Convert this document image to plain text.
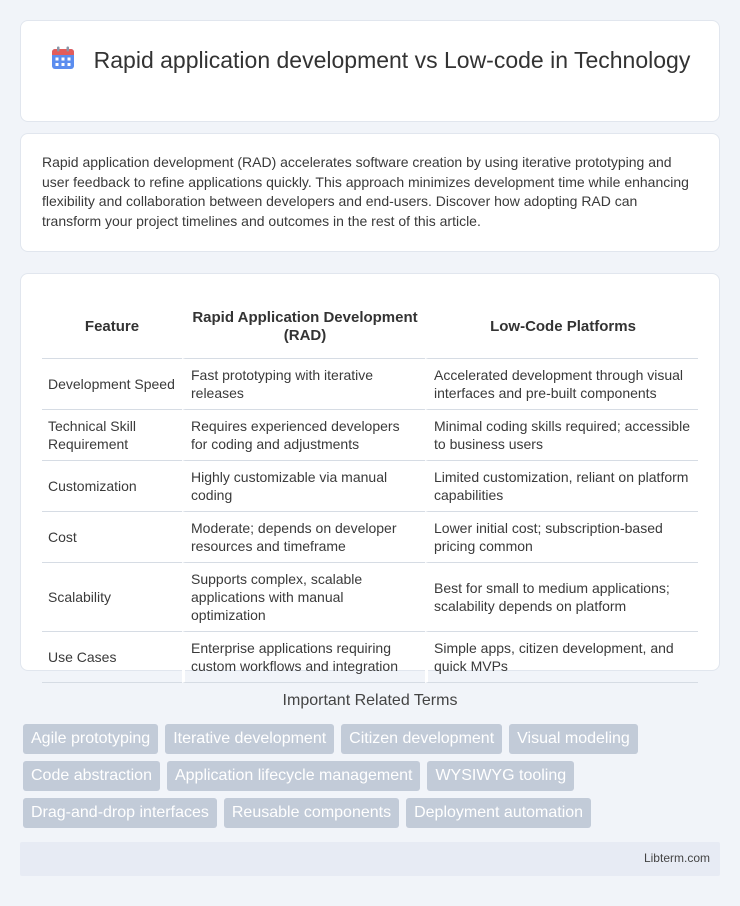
Rapid application development vs Low-code in Technology

Rapid application development (RAD) accelerates software creation by using iterative prototyping and user feedback to refine applications quickly. This approach minimizes development time while enhancing flexibility and collaboration between developers and end-users. Discover how adopting RAD can transform your project timelines and outcomes in the rest of this article.

Feature	Rapid Application Development (RAD)	Low-Code Platforms
Development Speed	Fast prototyping with iterative releases	Accelerated development through visual interfaces and pre-built components
Technical Skill Requirement	Requires experienced developers for coding and adjustments	Minimal coding skills required; accessible to business users
Customization	Highly customizable via manual coding	Limited customization, reliant on platform capabilities
Cost	Moderate; depends on developer resources and timeframe	Lower initial cost; subscription-based pricing common
Scalability	Supports complex, scalable applications with manual optimization	Best for small to medium applications; scalability depends on platform
Use Cases	Enterprise applications requiring custom workflows and integration	Simple apps, citizen development, and quick MVPs
Important Related Terms
Agile prototyping	Iterative development	Citizen development	Visual modeling
Code abstraction	Application lifecycle management	WYSIWYG tooling
Drag-and-drop interfaces	Reusable components	Deployment automation
Libterm.com
